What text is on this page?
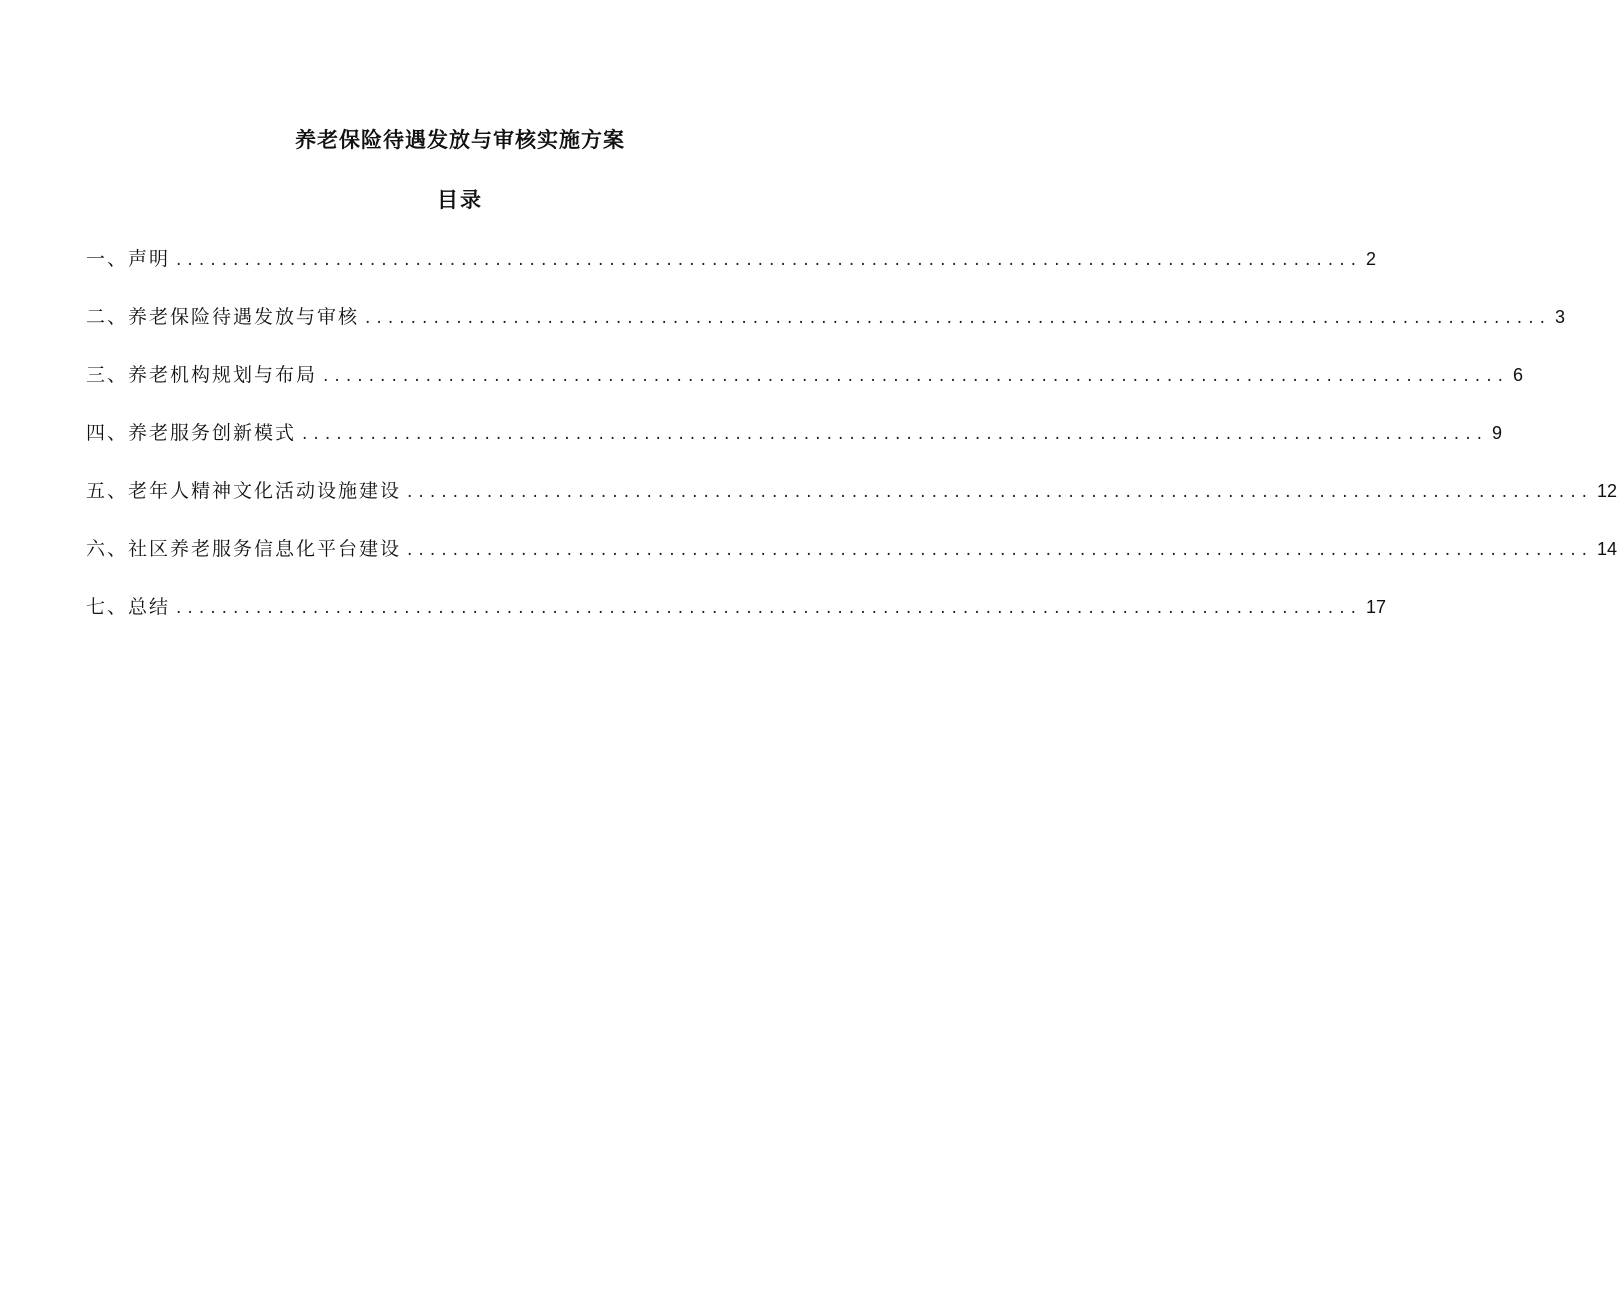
养老保险待遇发放与审核实施方案
目录
一、声明 ........................................................................................................ 2
二、养老保险待遇发放与审核 ........................................................................................................ 3
三、养老机构规划与布局 ........................................................................................................ 6
四、养老服务创新模式 ........................................................................................................ 9
五、老年人精神文化活动设施建设 ........................................................................................................ 12
六、社区养老服务信息化平台建设 ........................................................................................................ 14
七、总结 ........................................................................................................ 17
